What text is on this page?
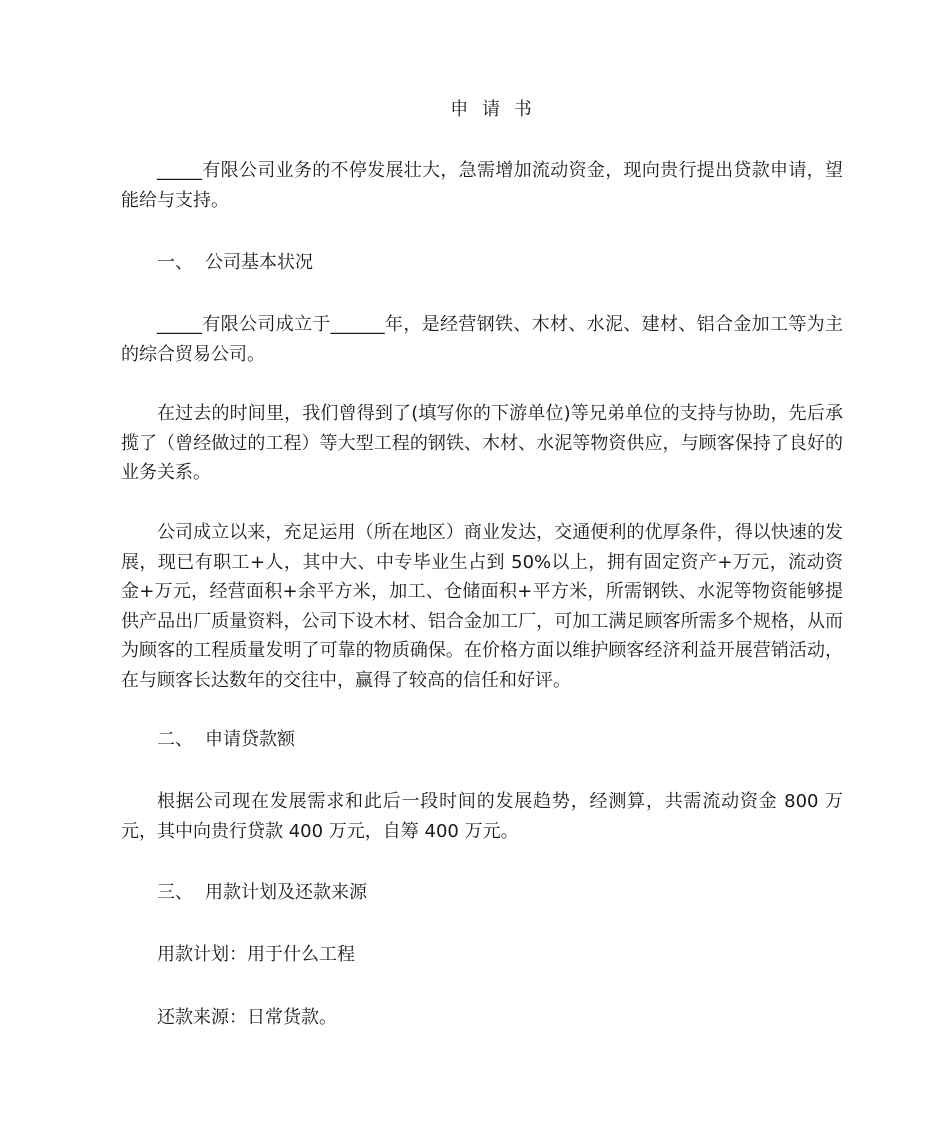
申 请 书

_____有限公司业务的不停发展壮大，急需增加流动资金，现向贵行提出贷款申请，望能给与支持。

一、 公司基本状况

_____有限公司成立于______年，是经营钢铁、木材、水泥、建材、铝合金加工等为主的综合贸易公司。

在过去的时间里，我们曾得到了(填写你的下游单位)等兄弟单位的支持与协助，先后承揽了（曾经做过的工程）等大型工程的钢铁、木材、水泥等物资供应，与顾客保持了良好的业务关系。

公司成立以来，充足运用（所在地区）商业发达，交通便利的优厚条件，得以快速的发展，现已有职工+人，其中大、中专毕业生占到 50%以上，拥有固定资产+万元，流动资金+万元，经营面积+余平方米，加工、仓储面积+平方米，所需钢铁、水泥等物资能够提供产品出厂质量资料，公司下设木材、铝合金加工厂，可加工满足顾客所需多个规格，从而为顾客的工程质量发明了可靠的物质确保。在价格方面以维护顾客经济利益开展营销活动，在与顾客长达数年的交往中，赢得了较高的信任和好评。

二、 申请贷款额

根据公司现在发展需求和此后一段时间的发展趋势，经测算，共需流动资金 800 万元，其中向贵行贷款 400 万元，自筹 400 万元。

三、 用款计划及还款来源
用款计划：用于什么工程
还款来源：日常货款。
